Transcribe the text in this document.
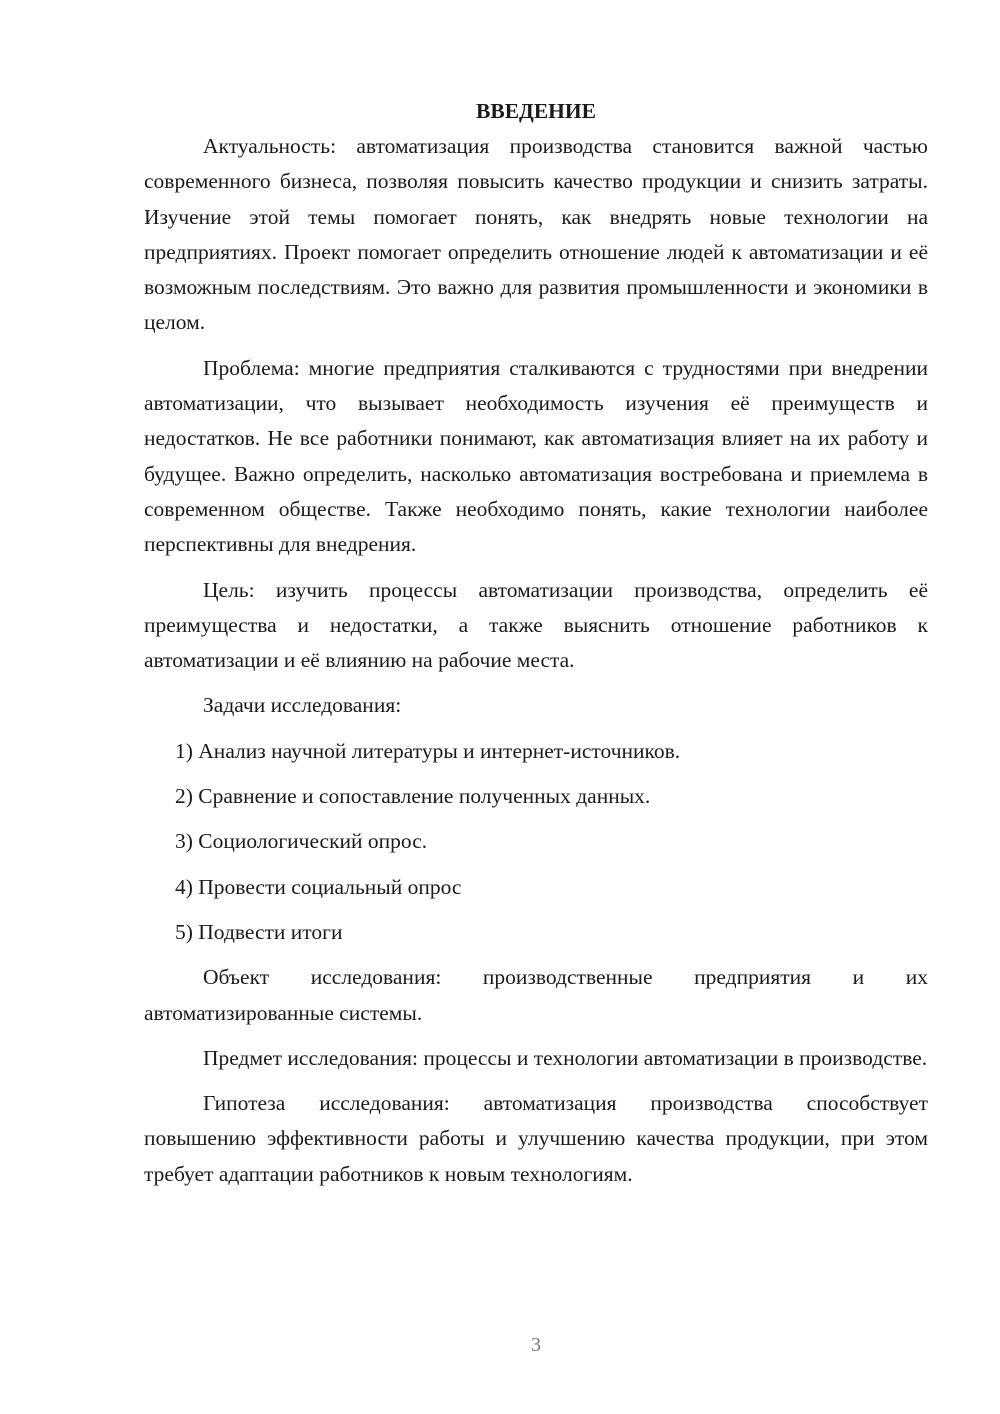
ВВЕДЕНИЕ

Актуальность: автоматизация производства становится важной частью современного бизнеса, позволяя повысить качество продукции и снизить затраты. Изучение этой темы помогает понять, как внедрять новые технологии на предприятиях. Проект помогает определить отношение людей к автоматизации и её возможным последствиям. Это важно для развития промышленности и экономики в целом.

Проблема: многие предприятия сталкиваются с трудностями при внедрении автоматизации, что вызывает необходимость изучения её преимуществ и недостатков. Не все работники понимают, как автоматизация влияет на их работу и будущее. Важно определить, насколько автоматизация востребована и приемлема в современном обществе. Также необходимо понять, какие технологии наиболее перспективны для внедрения.

Цель: изучить процессы автоматизации производства, определить её преимущества и недостатки, а также выяснить отношение работников к автоматизации и её влиянию на рабочие места.

Задачи исследования:

1) Анализ научной литературы и интернет-источников.
2) Сравнение и сопоставление полученных данных.
3) Социологический опрос.
4) Провести социальный опрос
5) Подвести итоги

Объект исследования: производственные предприятия и их автоматизированные системы.

Предмет исследования: процессы и технологии автоматизации в производстве.

Гипотеза исследования: автоматизация производства способствует повышению эффективности работы и улучшению качества продукции, при этом требует адаптации работников к новым технологиям.

3
